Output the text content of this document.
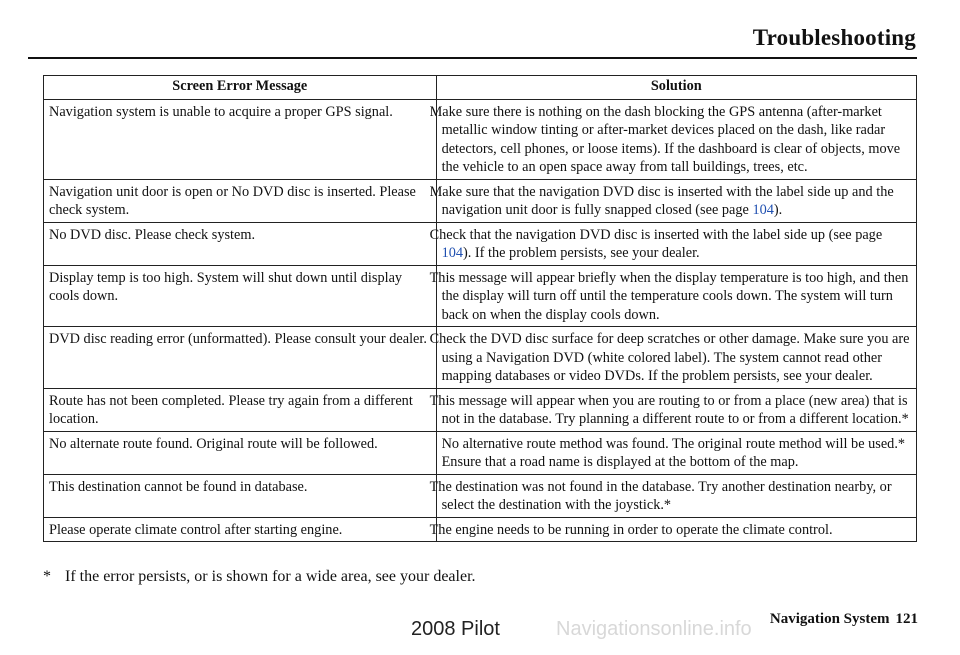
Troubleshooting
Screen Error Message	Solution
Navigation system is unable to acquire a proper GPS signal.	Make sure there is nothing on the dash blocking the GPS antenna (after-market metallic window tinting or after-market devices placed on the dash, like radar detectors, cell phones, or loose items). If the dashboard is clear of objects, move the vehicle to an open space away from tall buildings, trees, etc.
Navigation unit door is open or No DVD disc is inserted. Please check system.	Make sure that the navigation DVD disc is inserted with the label side up and the navigation unit door is fully snapped closed (see page 104).
No DVD disc. Please check system.	Check that the navigation DVD disc is inserted with the label side up (see page 104). If the problem persists, see your dealer.
Display temp is too high. System will shut down until display cools down.	This message will appear briefly when the display temperature is too high, and then the display will turn off until the temperature cools down. The system will turn back on when the display cools down.
DVD disc reading error (unformatted). Please consult your dealer.	Check the DVD disc surface for deep scratches or other damage. Make sure you are using a Navigation DVD (white colored label). The system cannot read other mapping databases or video DVDs. If the problem persists, see your dealer.
Route has not been completed. Please try again from a different location.	This message will appear when you are routing to or from a place (new area) that is not in the database. Try planning a different route to or from a different location.*
No alternate route found. Original route will be followed.	No alternative route method was found. The original route method will be used.*
Ensure that a road name is displayed at the bottom of the map.

This destination cannot be found in database.	The destination was not found in the database. Try another destination nearby, or select the destination with the joystick.*
Please operate climate control after starting engine.	The engine needs to be running in order to operate the climate control.
* If the error persists, or is shown for a wide area, see your dealer.
Navigation System 121
2008 Pilot	Navigationsonline.info
